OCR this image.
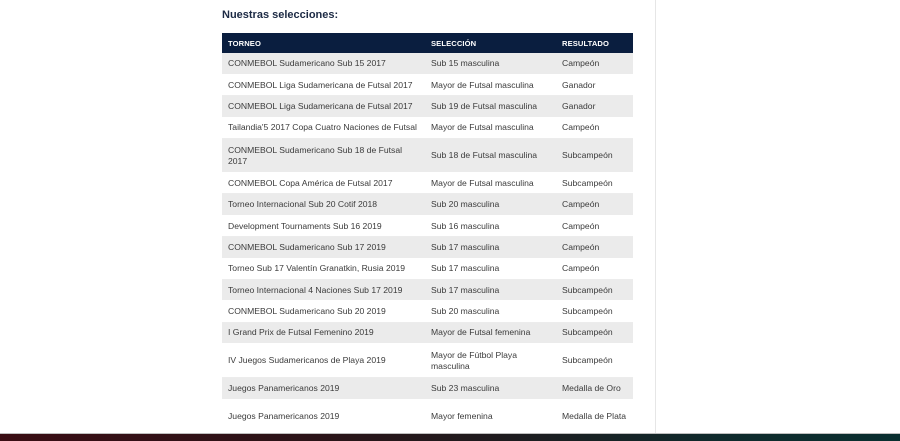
Nuestras selecciones:
TORNEO	SELECCIÓN	RESULTADO
CONMEBOL Sudamericano Sub 15 2017	Sub 15 masculina	Campeón
CONMEBOL Liga Sudamericana de Futsal 2017	Mayor de Futsal masculina	Ganador
CONMEBOL Liga Sudamericana de Futsal 2017	Sub 19 de Futsal masculina	Ganador
Tailandia'5 2017 Copa Cuatro Naciones de Futsal	Mayor de Futsal masculina	Campeón
CONMEBOL Sudamericano Sub 18 de Futsal 2017	Sub 18 de Futsal masculina	Subcampeón
CONMEBOL Copa América de Futsal 2017	Mayor de Futsal masculina	Subcampeón
Torneo Internacional Sub 20 Cotif 2018	Sub 20 masculina	Campeón
Development Tournaments Sub 16 2019	Sub 16 masculina	Campeón
CONMEBOL Sudamericano Sub 17 2019	Sub 17 masculina	Campeón
Torneo Sub 17 Valentín Granatkin, Rusia 2019	Sub 17 masculina	Campeón
Torneo Internacional 4 Naciones Sub 17 2019	Sub 17 masculina	Subcampeón
CONMEBOL Sudamericano Sub 20 2019	Sub 20 masculina	Subcampeón
I Grand Prix de Futsal Femenino 2019	Mayor de Futsal femenina	Subcampeón
IV Juegos Sudamericanos de Playa 2019	Mayor de Fútbol Playa masculina	Subcampeón
Juegos Panamericanos 2019	Sub 23 masculina	Medalla de Oro
Juegos Panamericanos 2019	Mayor femenina	Medalla de Plata
